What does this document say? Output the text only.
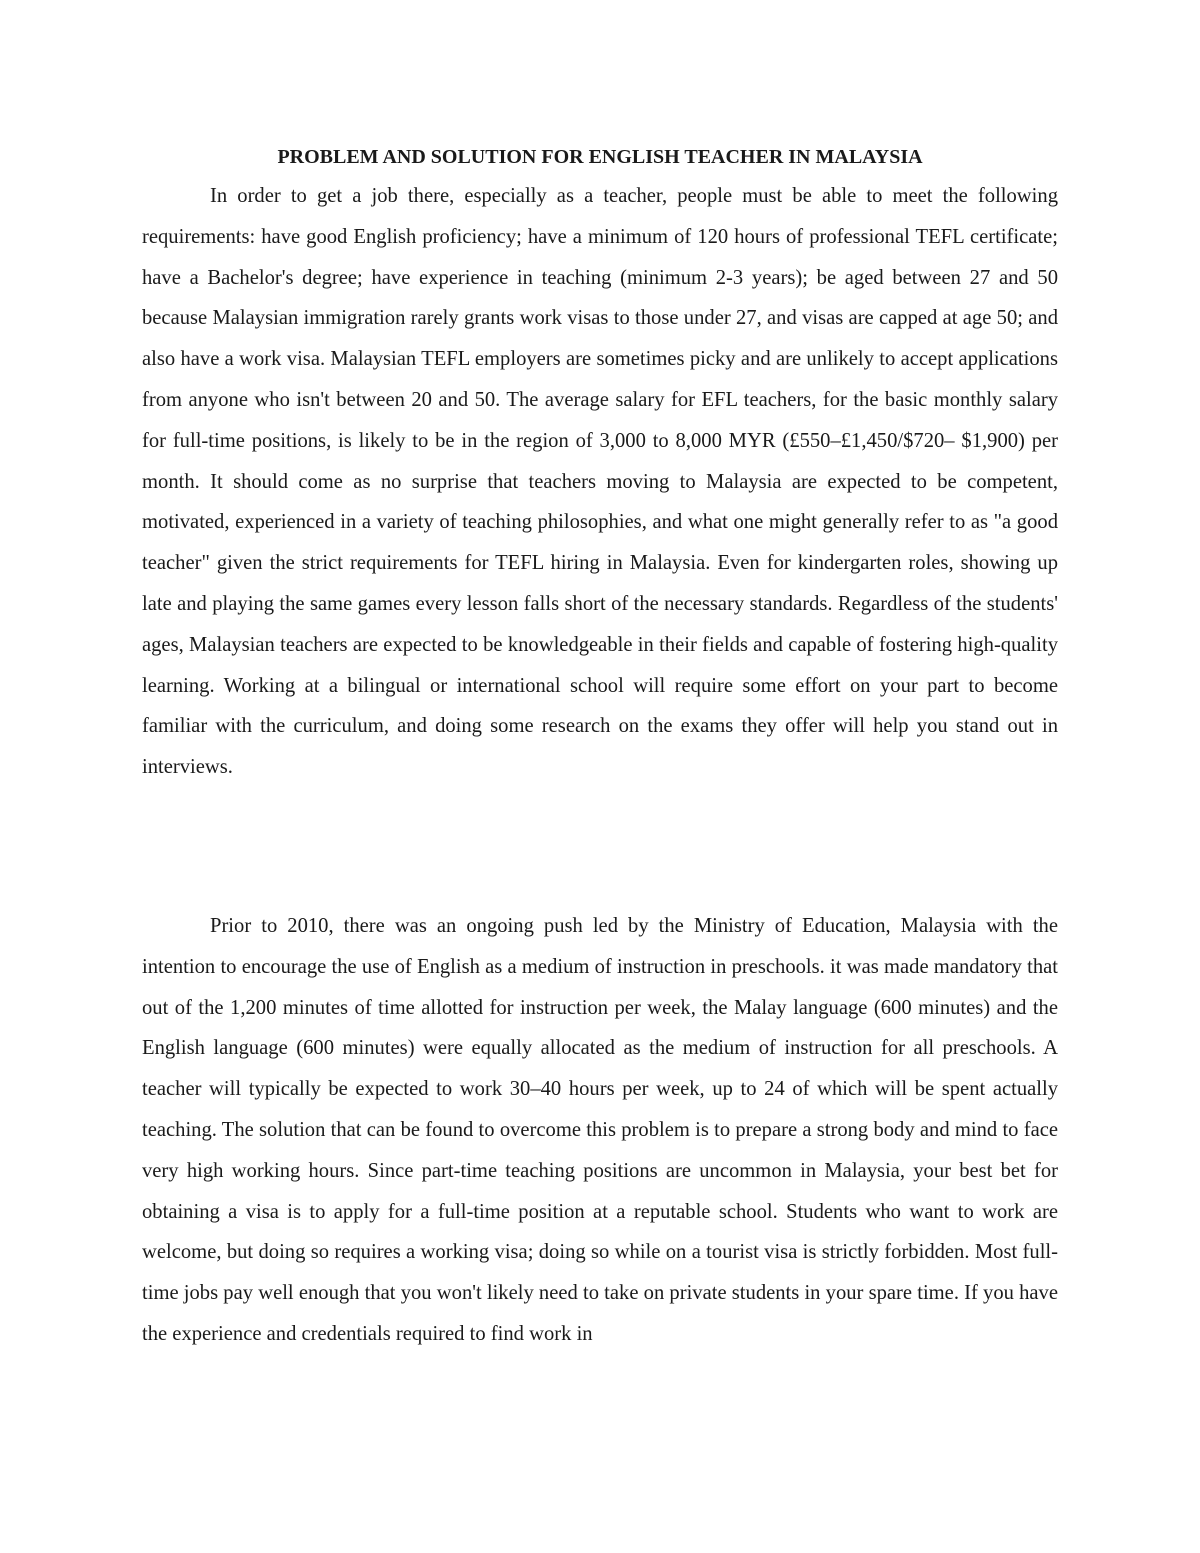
PROBLEM AND SOLUTION FOR ENGLISH TEACHER IN MALAYSIA

In order to get a job there, especially as a teacher, people must be able to meet the following requirements: have good English proficiency; have a minimum of 120 hours of professional TEFL certificate; have a Bachelor's degree; have experience in teaching (minimum 2-3 years); be aged between 27 and 50 because Malaysian immigration rarely grants work visas to those under 27, and visas are capped at age 50; and also have a work visa. Malaysian TEFL employers are sometimes picky and are unlikely to accept applications from anyone who isn't between 20 and 50. The average salary for EFL teachers, for the basic monthly salary for full-time positions, is likely to be in the region of 3,000 to 8,000 MYR (£550–£1,450/$720– $1,900) per month. It should come as no surprise that teachers moving to Malaysia are expected to be competent, motivated, experienced in a variety of teaching philosophies, and what one might generally refer to as "a good teacher" given the strict requirements for TEFL hiring in Malaysia. Even for kindergarten roles, showing up late and playing the same games every lesson falls short of the necessary standards. Regardless of the students' ages, Malaysian teachers are expected to be knowledgeable in their fields and capable of fostering high-quality learning. Working at a bilingual or international school will require some effort on your part to become familiar with the curriculum, and doing some research on the exams they offer will help you stand out in interviews.

Prior to 2010, there was an ongoing push led by the Ministry of Education, Malaysia with the intention to encourage the use of English as a medium of instruction in preschools. it was made mandatory that out of the 1,200 minutes of time allotted for instruction per week, the Malay language (600 minutes) and the English language (600 minutes) were equally allocated as the medium of instruction for all preschools. A teacher will typically be expected to work 30–40 hours per week, up to 24 of which will be spent actually teaching. The solution that can be found to overcome this problem is to prepare a strong body and mind to face very high working hours. Since part-time teaching positions are uncommon in Malaysia, your best bet for obtaining a visa is to apply for a full-time position at a reputable school. Students who want to work are welcome, but doing so requires a working visa; doing so while on a tourist visa is strictly forbidden. Most full-time jobs pay well enough that you won't likely need to take on private students in your spare time. If you have the experience and credentials required to find work in
